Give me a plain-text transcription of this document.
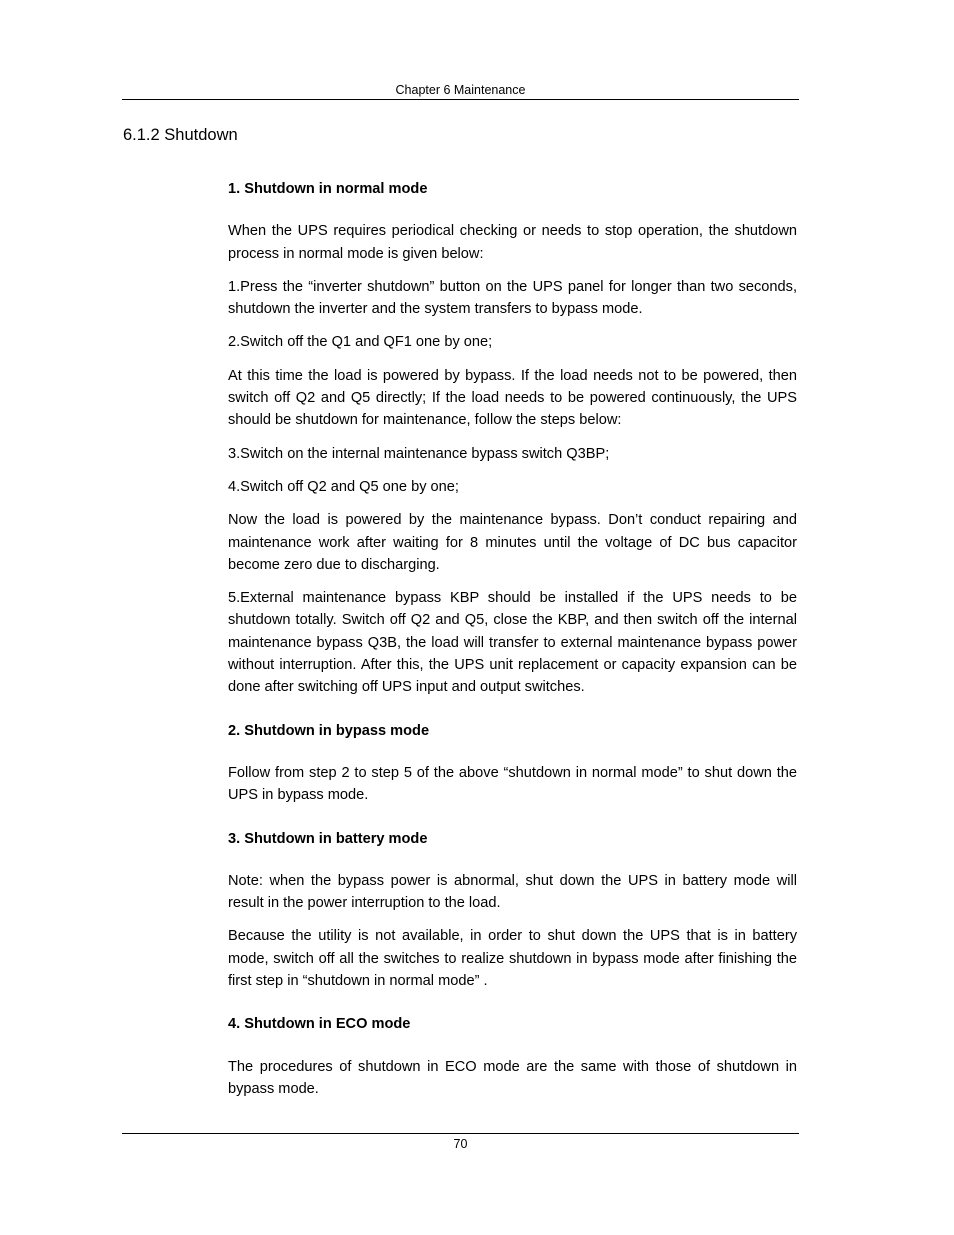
Chapter 6 Maintenance
6.1.2 Shutdown

1. Shutdown in normal mode

When the UPS requires periodical checking or needs to stop operation, the shutdown process in normal mode is given below:

1.Press the “inverter shutdown” button on the UPS panel for longer than two seconds, shutdown the inverter and the system transfers to bypass mode.

2.Switch off the Q1 and QF1 one by one;

At this time the load is powered by bypass. If the load needs not to be powered, then switch off Q2 and Q5 directly; If the load needs to be powered continuously, the UPS should be shutdown for maintenance, follow the steps below:

3.Switch on the internal maintenance bypass switch Q3BP;

4.Switch off Q2 and Q5 one by one;

Now the load is powered by the maintenance bypass. Don’t conduct repairing and maintenance work after waiting for 8 minutes until the voltage of DC bus capacitor become zero due to discharging.

5.External maintenance bypass KBP should be installed if the UPS needs to be shutdown totally. Switch off Q2 and Q5, close the KBP, and then switch off the internal maintenance bypass Q3B, the load will transfer to external maintenance bypass power without interruption. After this, the UPS unit replacement or capacity expansion can be done after switching off UPS input and output switches.

2. Shutdown in bypass mode

Follow from step 2 to step 5 of the above “shutdown in normal mode” to shut down the UPS in bypass mode.

3. Shutdown in battery mode

Note: when the bypass power is abnormal, shut down the UPS in battery mode will result in the power interruption to the load.

Because the utility is not available, in order to shut down the UPS that is in battery mode, switch off all the switches to realize shutdown in bypass mode after finishing the first step in “shutdown in normal mode” .

4. Shutdown in ECO mode

The procedures of shutdown in ECO mode are the same with those of shutdown in bypass mode.

70
